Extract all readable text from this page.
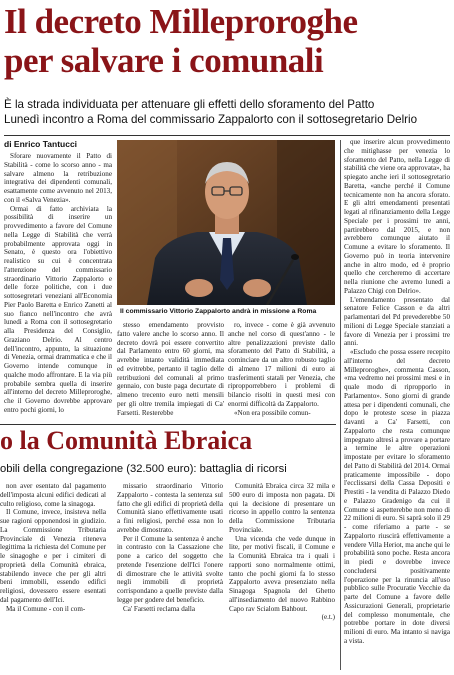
Il decreto Milleproroghe
per salvare i comunali
È la strada individuata per attenuare gli effetti dello sforamento del Patto
Lunedì incontro a Roma del commissario Zappalorto con il sottosegretario Delrio
di Enrico Tantucci

Sforare nuovamente il Patto di Stabilità - come lo scorso anno - ma salvare almeno la retribuzione integrativa dei dipendenti comunali, esattamente come avvenuto nel 2013, con il «Salva Venezia».

Ormai di fatto archiviata la possibilità di inserire un provvedimento a favore del Comune nella Legge di Stabilità che verrà probabilmente approvata oggi in Senato, è questo ora l'obiettivo realistico su cui è concentrata l'attenzione del commissario straordinario Vittorio Zappalorto e delle forze politiche, con i due sottosegretari veneziani all'Economia Pier Paolo Baretta e Enrico Zanetti al suo fianco nell'incontro che avrà lunedì a Roma con il sottosegretario alla Presidenza del Consiglio, Graziano Delrio. Al centro dell'incontro, appunto, la situazione di Venezia, ormai drammatica e che il Governo intende comunque in qualche modo affrontare. E la via più probabile sembra quella di inserire all'interno del decreto Milleproroghe, che il Governo dovrebbe approvare entro pochi giorni, lo

Il commissario Vittorio Zappalorto andrà in missione a Roma

stesso emendamento provvisto fatto valere anche lo scorso anno. Il decreto dovrà poi essere convertito dal Parlamento entro 60 giorni, ma avrebbe intanto validità immediata ed evitrebbe, pertanto il taglio delle retribuzioni del comunali al primo gennaio, con buste paga decurtate di almeno trecento euro netti mensili per gli oltre tremila impiegati di Ca' Farsetti. Resterebbe

ro, invece - come è già avvenuto anche nel corso di quest'anno - le altre penalizzazioni previste dallo sforamento del Patto di Stabilità, a cominciare da un altro robusto taglio di almeno 17 milioni di euro ai trasferimenti statali per Venezia, che ripropporrebbero i problemi di bilancio risolti in questi mesi con enormi difficoltà da Zappalorto.

«Non era possibile comun-

que inserire alcun provvedimento che mitighasse per venezia lo sforamento del Patto, nella Legge di stabilità che viene ora approvata», ha spiegato anche ieri il sottosegretario Baretta, «anche perché il Comune tecnicamente non ha ancora sforato. E gli altri emendamenti presentati legati al rifinanziamento della Legge Speciale per i prossimi tre anni, partirebbero dal 2015, e non avrebbero comunque aiutato il Comune a evitare lo sforamento. Il Governo può in teoria intervenire anche in altro modo, ed è proprio quello che cercheremo di accertare nella riunione che avremo lunedì a Palazzo Chigi con Delrio».

L'emendamento presentato dal senatore Felice Casson e da altri parlamentari del Pd prevederebbe 50 milioni di Legge Speciale stanziati a favore di Venezia per i prossimi tre anni.

«Escludo che possa essere recepito all'interno del decreto Milleproroghe», commenta Casson, «ma vedremo nei prossimi mesi e in quale modo di ripropporlo in Parlamento». Sono giorni di grande attesa per i dipendenti comunali, che dopo le proteste scese in piazza davanti a Ca' Farsetti, con Zappalorto che resta comunque impegnato altresì a provare a portare a termine le altre operazioni impostate per evitare lo sforamento del Patto di Stabilità del 2014. Ormai praticamente impossibile - dopo l'ecclissarsi della Cassa Depositi e Prestiti - la vendita di Palazzo Diedo e Palazzo Gradenigo da cui il Comune si aspetterebbe non meno di 22 milioni di euro. Si saprà solo il 29 - come riferiamo a parte - se Zappalorto riuscirà effettivamente a vendere Villa Heriot, ma anche qui le probabilità sono poche. Resta ancora in piedi e dovrebbe invece concludersi positivamente l'operazione per la rinuncia all'uso pubblico sulle Procuratie Vecchie da parte del Comune a favore delle Assicurazioni Generali, proprietarie del complesso monumentale, che potrebbe portare in dote diversi milioni di euro. Ma intanto si naviga a vista.

o la Comunità Ebraica
obili della congregazione (32.500 euro): battaglia di ricorsi

non aver esentato dal pagamento dell'imposta alcuni edifici dedicati al culto religioso, come la sinagoga.

Il Comune, invece, insisteva nella sue ragioni opponendosi in giudizio. La Commissione Tributaria Provinciale di Venezia riteneva legittima la richiesta del Comune per le sinagoghe e per i cimiteri di proprietà della Comunità ebraica, stabilendo invece che per gli altri beni immobili, essendo edifici religiosi, dovessero essere esentati dal pagamento dell'Ici.

Ma il Comune - con il com-

missario straordinario Vittorio Zappalorto - contesta la sentenza sul fatto che gli edifici di proprietà della Comunità siano effettivamente usati a fini religiosi, perché essa non lo avrebbe dimostrato.

Per il Comune la sentenza è anche in contrasto con la Cassazione che pone a carico del soggetto che pretende l'esenzione dell'Ici l'onere di dimostrare che le attività svolte negli immobili di proprietà corrispondano a quelle previste dalla legge per godere del beneficio.

Ca' Farsetti reclama dalla

Comunità Ebraica circa 32 mila e 500 euro di imposta non pagata. Di qui la decisione di presentare un ricorso in appello contro la sentenza della Commissione Tributaria Provinciale.

Una vicenda che vede dunque in lite, per motivi fiscali, il Comune e la Comunità Ebraica tra i quali i rapporti sono normalmente ottimi, tanto che pochi giorni fa lo stesso Zappalorto aveva presenziato nella Sinagoga Spagnola del Ghetto all'insediamento del nuovo Rabbino Capo rav Scialom Bahbout.

(e.t.)
